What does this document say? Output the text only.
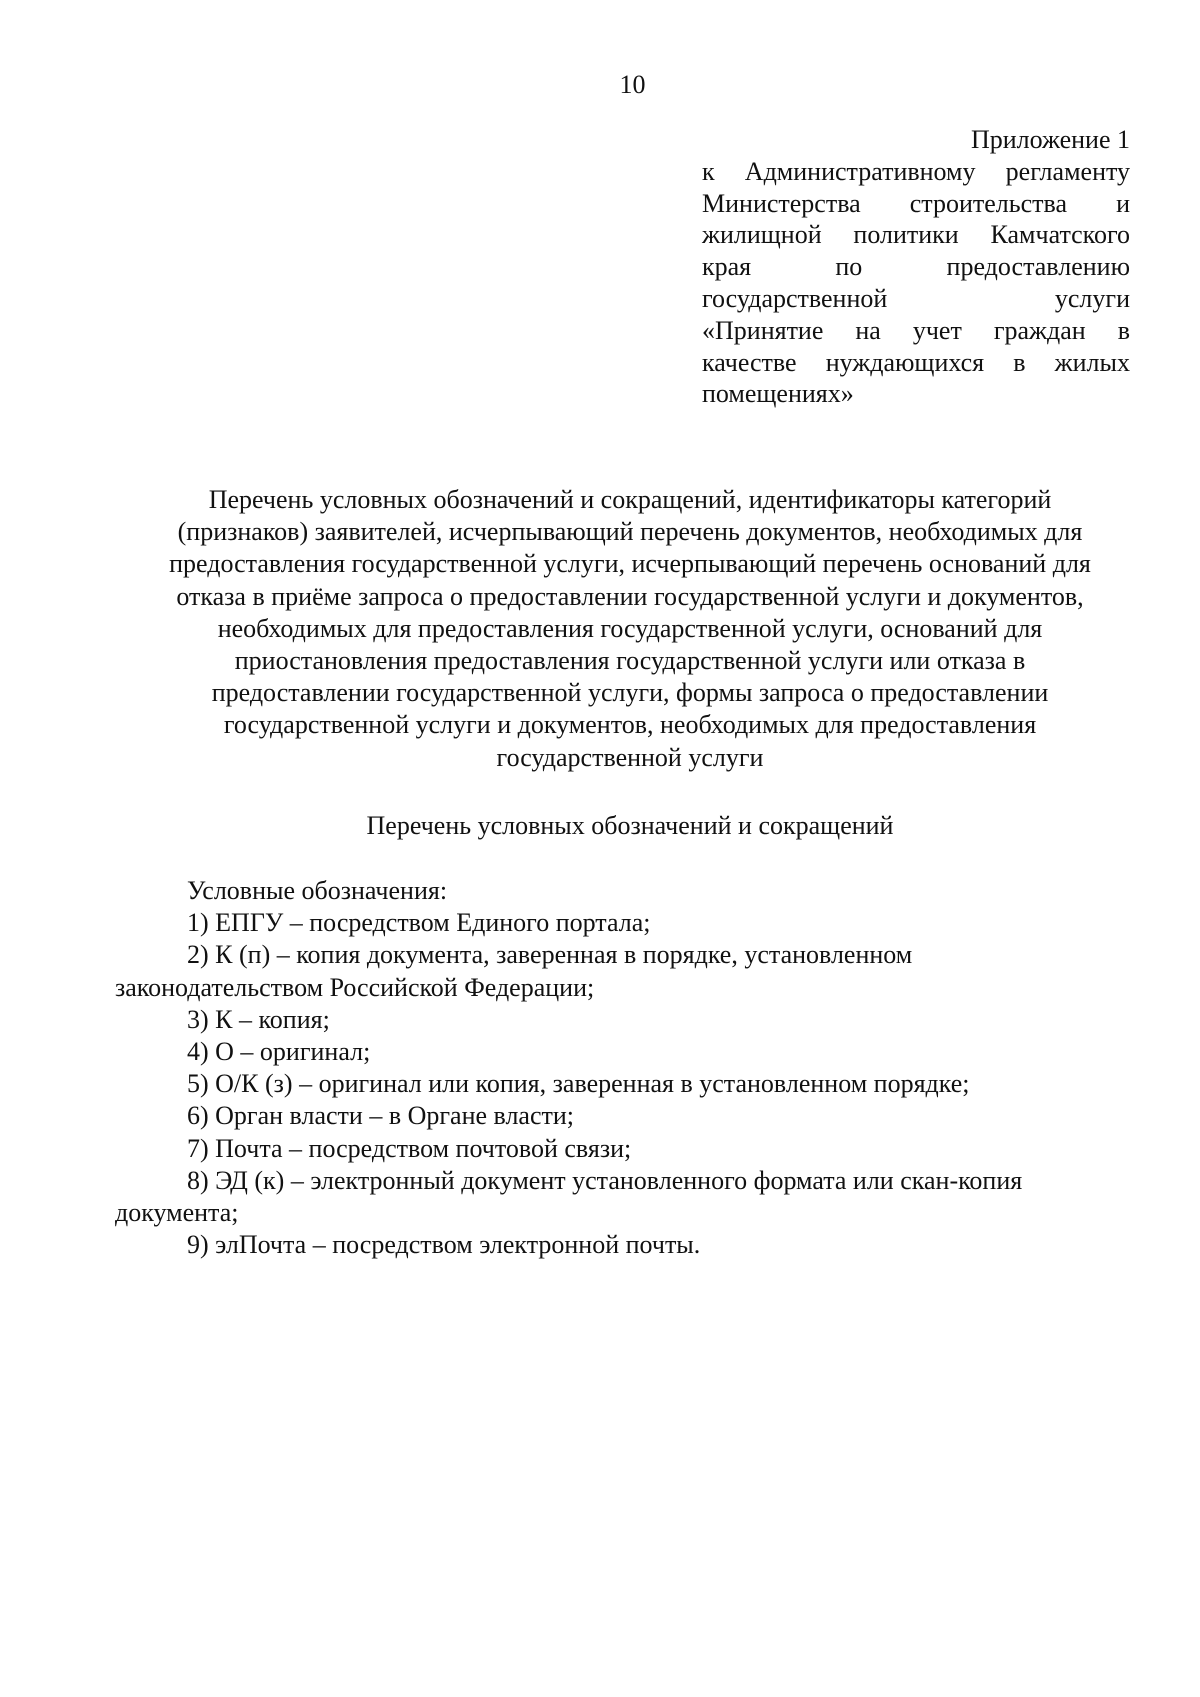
10
Приложение 1
к Административному регламенту
Министерства строительства и
жилищной политики Камчатского
края по предоставлению
государственной услуги
«Принятие на учет граждан в
качестве нуждающихся в жилых
помещениях»
Перечень условных обозначений и сокращений, идентификаторы категорий
(признаков) заявителей, исчерпывающий перечень документов, необходимых для
предоставления государственной услуги, исчерпывающий перечень оснований для
отказа в приёме запроса о предоставлении государственной услуги и документов,
необходимых для предоставления государственной услуги, оснований для
приостановления предоставления государственной услуги или отказа в
предоставлении государственной услуги, формы запроса о предоставлении
государственной услуги и документов, необходимых для предоставления
государственной услуги
Перечень условных обозначений и сокращений
Условные обозначения:
1) ЕПГУ – посредством Единого портала;
2) К (п) – копия документа, заверенная в порядке, установленном
законодательством Российской Федерации;
3) К – копия;
4) О – оригинал;
5) О/К (з) – оригинал или копия, заверенная в установленном порядке;
6) Орган власти – в Органе власти;
7) Почта – посредством почтовой связи;
8) ЭД (к) – электронный документ установленного формата или скан-копия
документа;
9) элПочта – посредством электронной почты.
